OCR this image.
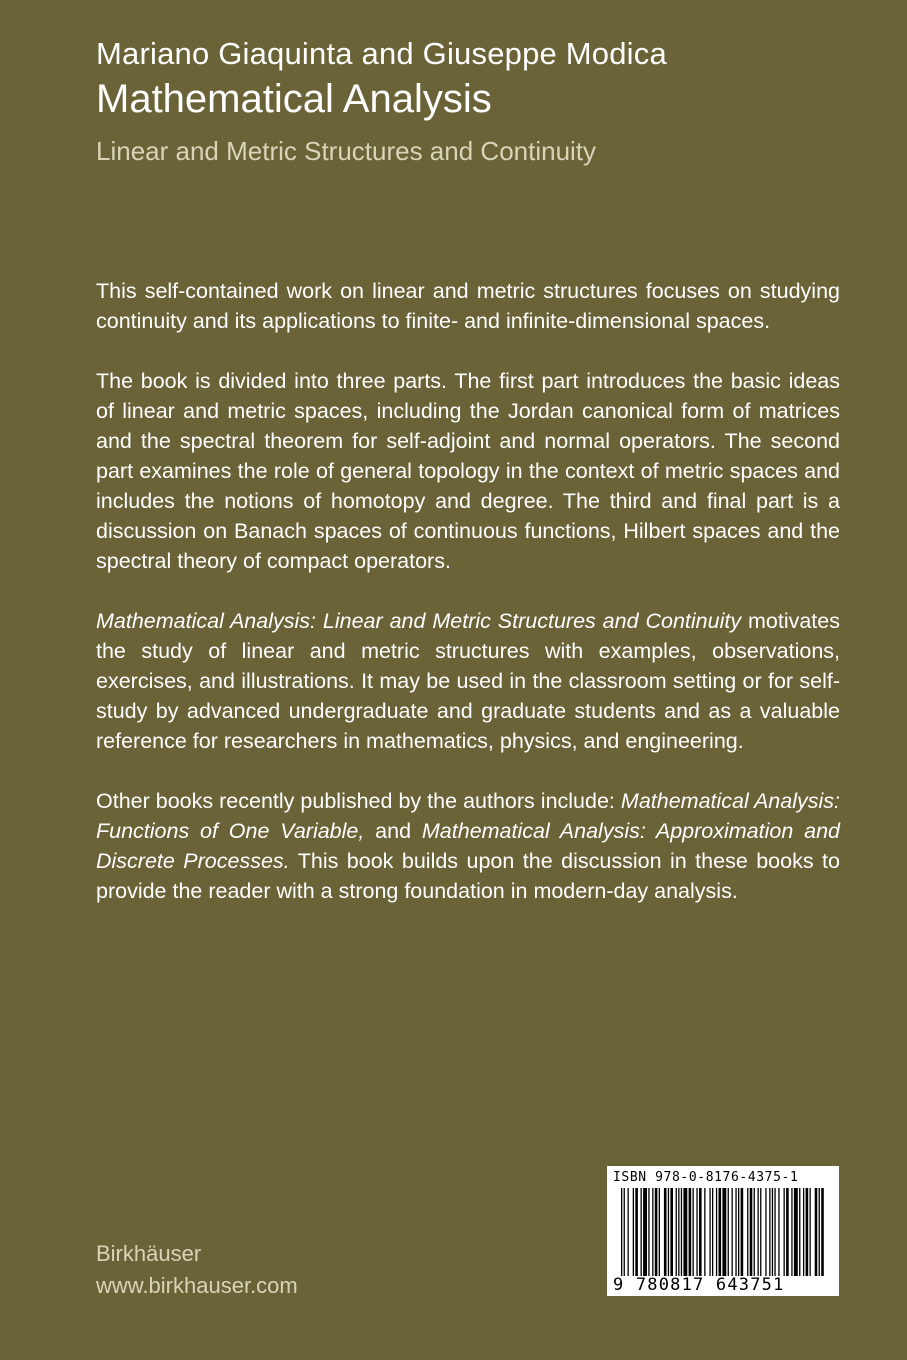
Mariano Giaquinta and Giuseppe Modica
Mathematical Analysis
Linear and Metric Structures and Continuity

This self-contained work on linear and metric structures focuses on studying continuity and its applications to finite- and infinite-dimensional spaces.

The book is divided into three parts. The first part introduces the basic ideas of linear and metric spaces, including the Jordan canonical form of matrices and the spectral theorem for self-adjoint and normal operators. The second part examines the role of general topology in the context of metric spaces and includes the notions of homotopy and degree. The third and final part is a discussion on Banach spaces of continuous functions, Hilbert spaces and the spectral theory of compact operators.

Mathematical Analysis: Linear and Metric Structures and Continuity motivates the study of linear and metric structures with examples, observations, exercises, and illustrations. It may be used in the classroom setting or for self-study by advanced undergraduate and graduate students and as a valuable reference for researchers in mathematics, physics, and engineering.

Other books recently published by the authors include: Mathematical Analysis: Functions of One Variable, and Mathematical Analysis: Approximation and Discrete Processes. This book builds upon the discussion in these books to provide the reader with a strong foundation in modern-day analysis.

Birkhäuser
www.birkhauser.com
ISBN 978-0-8176-4375-1
9 780817 643751
